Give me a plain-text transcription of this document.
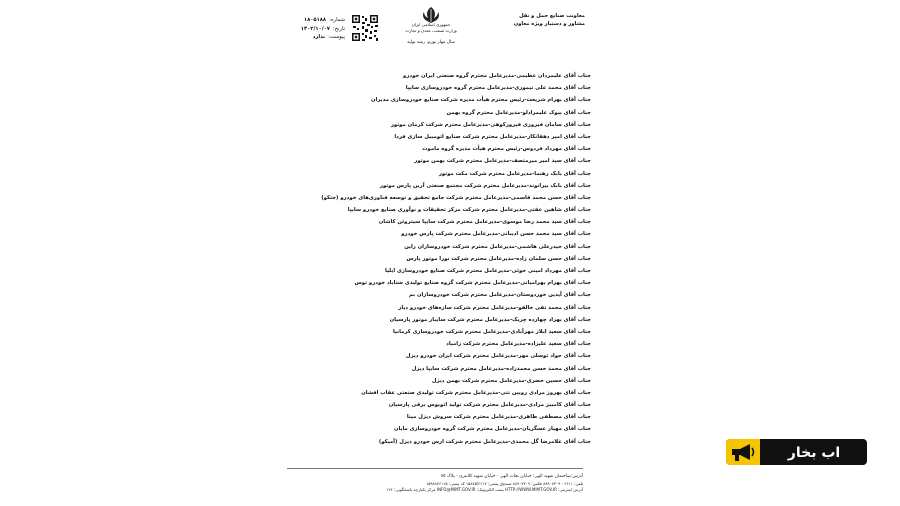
معاونت صنایع حمل و نقل
مشاور و دستیار ویژه معاون
جمهوری اسلامی ایران
وزارت صنعت، معدن و تجارت
سال مهار تورم، رشد تولید
شماره:
۱۸۰۵۱۸۸
تاریخ:
۱۴۰۲/۱۰/۰۷
پیوست:
ندارد
جناب آقای علیمردان عظیمی-مدیرعامل محترم گروه صنعتی ایران خودرو
جناب آقای محمد علی تیموری-مدیرعامل محترم گروه خودروسازی سایپا
جناب آقای بهرام شریعت-رئیس محترم هیأت مدیره شرکت صنایع خودروسازی مدیران
جناب آقای بیوک علیمرادلو-مدیرعامل محترم گروه بهمن
جناب آقای سامان فیروزی فیروزکوهی-مدیرعامل محترم شرکت کرمان موتور
جناب آقای امیر دهقانکار-مدیرعامل محترم شرکت صنایع اتومبیل سازی فردا
جناب آقای مهرداد فردوس-رئیس محترم هیأت مدیره گروه ماموت
جناب آقای سید امیر میرمتصف-مدیرعامل محترم شرکت بهمن موتور
جناب آقای بابک رهنما-مدیرعامل محترم شرکت مکث موتور
جناب آقای بابک بیرانوند-مدیرعامل محترم شرکت مجتمع صنعتی آرین پارس موتور
جناب آقای حسن محمد قاسمی-مدیرعامل محترم شرکت جامع تحقیق و توسعه فناوری‌های خودرو (جتکو)
جناب آقای شاهین عفتی-مدیرعامل محترم شرکت مرکز تحقیقات و نوآوری صنایع خودرو سایپا
جناب آقای سید محمد رضا موسوی-مدیرعامل محترم شرکت سایپا سیتروئن کاشان
جناب آقای سید محمد حسن ادیبانی-مدیرعامل محترم شرکت پارس خودرو
جناب آقای حیدرعلی هاشمی-مدیرعامل محترم شرکت خودروسازان راین
جناب آقای حسن سلمان زاده-مدیرعامل محترم شرکت نورا موتور پارس
جناب آقای مهرداد امینی خوئی-مدیرعامل محترم شرکت صنایع خودروسازی ایلیا
جناب آقای بهرام بهرامیانی-مدیرعامل محترم شرکت گروه صنایع تولیدی ستاباد خودرو توس
جناب آقای آیدین خوردوستان-مدیرعامل محترم شرکت خودروسازان بم
جناب آقای محمد تقی خالقو-مدیرعامل محترم شرکت سازه‌های خودرو دیار
جناب آقای بهزاد چهارده چریک-مدیرعامل محترم شرکت سایبار موتور پارسیان
جناب آقای سعید ایلاز مهرآبادی-مدیرعامل محترم شرکت خودروسازی کرمانیا
جناب آقای سعید علیزاده-مدیرعامل محترم شرکت زامیاد
جناب آقای جواد توسلی مهر-مدیرعامل محترم شرکت ایران خودرو دیزل
جناب آقای محمد حسن محمدزاده-مدیرعامل محترم شرکت سایپا دیزل
جناب آقای حسین خضری-مدیرعامل محترم شرکت بهمن دیزل
جناب آقای بهروز مرادی روبین تنی-مدیرعامل محترم شرکت تولیدی صنعتی عقاب افشان
جناب آقای کامبیز مرادی-مدیرعامل محترم شرکت تولید اتوبوس برقی پارسیان
جناب آقای مصطفی طاهری-مدیرعامل محترم شرکت سروش دیزل مینا
جناب آقای مهیار عسگریان-مدیرعامل محترم شرکت گروه خودروسازی مایان
جناب آقای غلامرضا گل محمدی-مدیرعامل محترم شرکت ارس خودرو دیزل (آمیکو)
آدرس:ساختمان شهید الهی؛ خیابان نجات الهی - خیابان شهید کلانتری - پلاک ۷۵
تلفن: ۶۶۱۱ - ۸۸۹۰۷۳۰۹ فکس: ۸۸۹۰۷۳۰۹ صندوق پستی: ۱۵۸۷۵/۶۶۱۷ کد پستی: ۱۵۹۸۸۴۶۱۱۵
آدرس اینترنتی: HTTP://WWW.MIMT.GOV.IR پست الکترونیک: INFO@MIMT.GOV.IR مرکز یکپارچه پاسخگویی: ۱۲۴
اب بخار
